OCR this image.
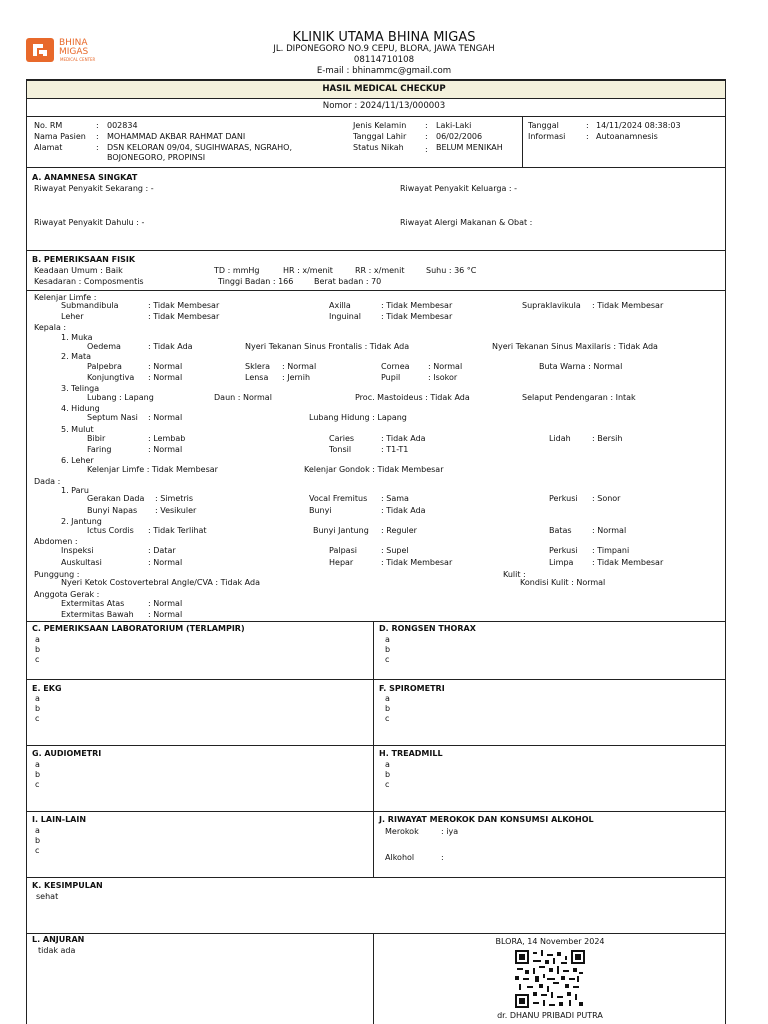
BHINA
MIGAS
MEDICAL CENTER
KLINIK UTAMA BHINA MIGAS
JL. DIPONEGORO NO.9 CEPU, BLORA, JAWA TENGAH
08114710108
E-mail : bhinammc@gmail.com
HASIL MEDICAL CHECKUP
Nomor : 2024/11/13/000003
No. RM	: 002834
Nama Pasien : MOHAMMAD AKBAR RAHMAT DANI
Alamat	: DSN KELORAN 09/04, SUGIHWARAS, NGRAHO,
BOJONEGORO, PROPINSI
Jenis Kelamin : Laki-Laki
Tanggal Lahir : 06/02/2006
Status Nikah	: BELUM MENIKAH
Tanggal	: 14/11/2024 08:38:03
Informasi	: Autoanamnesis
A. ANAMNESA SINGKAT
Riwayat Penyakit Sekarang : -	Riwayat Penyakit Keluarga : -
Riwayat Penyakit Dahulu : -	Riwayat Alergi Makanan & Obat :
B. PEMERIKSAAN FISIK
Keadaan Umum : Baik
Kesadaran : Composmentis
TD : mmHg	HR : x/menit	RR : x/menit	Suhu : 36 °C
Tinggi Badan : 166	Berat badan : 70
Kelenjar Limfe :
Submandibula	: Tidak Membesar	Axilla	: Tidak Membesar	Supraklavikula : Tidak Membesar
Leher	: Tidak Membesar	Inguinal	: Tidak Membesar
Kepala :
1. Muka
Oedema	: Tidak Ada	Nyeri Tekanan Sinus Frontalis : Tidak Ada	Nyeri Tekanan Sinus Maxilaris : Tidak Ada
2. Mata
Palpebra	: Normal	Sklera : Normal	Cornea : Normal	Buta Warna : Normal
Konjungtiva : Normal	Lensa : Jernih	Pupil	: Isokor
3. Telinga
Lubang : Lapang	Daun : Normal	Proc. Mastoideus : Tidak Ada	Selaput Pendengaran : Intak
4. Hidung
Septum Nasi : Normal	Lubang Hidung : Lapang
5. Mulut
Bibir	: Lembab	Caries	: Tidak Ada	Lidah	: Bersih
Faring	: Normal	Tonsil	: T1-T1
6. Leher
Kelenjar Limfe : Tidak Membesar	Kelenjar Gondok : Tidak Membesar
Dada :
1. Paru
Gerakan Dada : Simetris	Vocal Fremitus : Sama	Perkusi : Sonor
Bunyi Napas : Vesikuler	Bunyi	: Tidak Ada
2. Jantung
Ictus Cordis : Tidak Terlihat	Bunyi Jantung : Reguler	Batas	: Normal
Abdomen :
Inspeksi	: Datar	Palpasi	: Supel	Perkusi : Timpani
Auskultasi	: Normal	Hepar	: Tidak Membesar	Limpa : Tidak Membesar
Punggung :
Nyeri Ketok Costovertebral Angle/CVA : Tidak Ada
Kulit :
Kondisi Kulit : Normal
Anggota Gerak :
Extermitas Atas	: Normal
Extermitas Bawah : Normal
C. PEMERIKSAAN LABORATORIUM (TERLAMPIR)
a
b
c
D. RONGSEN THORAX
a
b
c
E. EKG
a
b
c
F. SPIROMETRI
a
b
c
G. AUDIOMETRI
a
b
c
H. TREADMILL
a
b
c
I. LAIN-LAIN
a
b
c
J. RIWAYAT MEROKOK DAN KONSUMSI ALKOHOL
Merokok	: iya
Alkohol	:
K. KESIMPULAN
sehat
L. ANJURAN
tidak ada
BLORA, 14 November 2024
dr. DHANU PRIBADI PUTRA
